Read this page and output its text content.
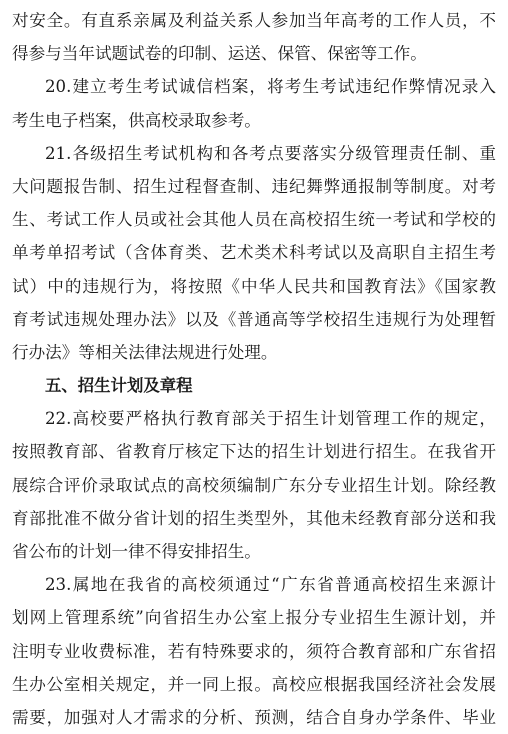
对安全。有直系亲属及利益关系人参加当年高考的工作人员，不
得参与当年试题试卷的印制、运送、保管、保密等工作。
20.建立考生考试诚信档案，将考生考试违纪作弊情况录入
考生电子档案，供高校录取参考。
21.各级招生考试机构和各考点要落实分级管理责任制、重
大问题报告制、招生过程督查制、违纪舞弊通报制等制度。对考
生、考试工作人员或社会其他人员在高校招生统一考试和学校的
单考单招考试（含体育类、艺术类术科考试以及高职自主招生考
试）中的违规行为，将按照《中华人民共和国教育法》《国家教
育考试违规处理办法》以及《普通高等学校招生违规行为处理暂
行办法》等相关法律法规进行处理。
五、招生计划及章程
22.高校要严格执行教育部关于招生计划管理工作的规定，
按照教育部、省教育厅核定下达的招生计划进行招生。在我省开
展综合评价录取试点的高校须编制广东分专业招生计划。除经教
育部批准不做分省计划的招生类型外，其他未经教育部分送和我
省公布的计划一律不得安排招生。
23.属地在我省的高校须通过“广东省普通高校招生来源计
划网上管理系统”向省招生办公室上报分专业招生生源计划，并
注明专业收费标准，若有特殊要求的，须符合教育部和广东省招
生办公室相关规定，并一同上报。高校应根据我国经济社会发展
需要，加强对人才需求的分析、预测，结合自身办学条件、毕业
